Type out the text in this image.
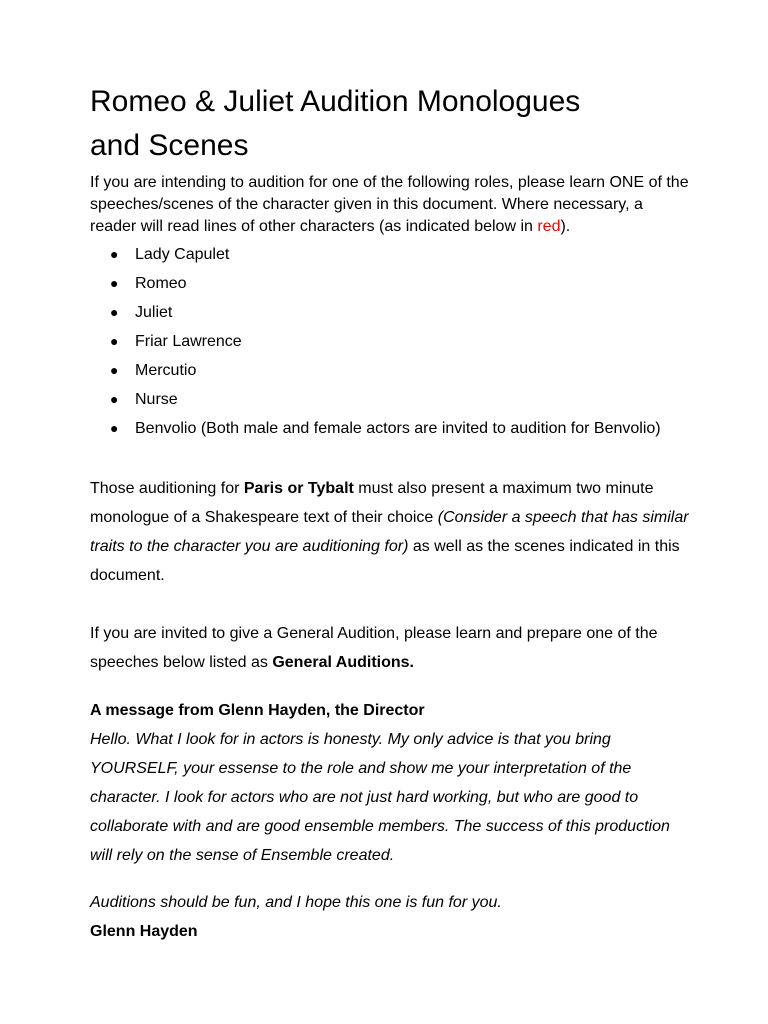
Romeo & Juliet Audition Monologues
and Scenes

If you are intending to audition for one of the following roles, please learn ONE of the speeches/scenes of the character given in this document. Where necessary, a reader will read lines of other characters (as indicated below in red).

● Lady Capulet
● Romeo
● Juliet
● Friar Lawrence
● Mercutio
● Nurse
● Benvolio (Both male and female actors are invited to audition for Benvolio)

Those auditioning for Paris or Tybalt must also present a maximum two minute monologue of a Shakespeare text of their choice (Consider a speech that has similar traits to the character you are auditioning for) as well as the scenes indicated in this document.

If you are invited to give a General Audition, please learn and prepare one of the speeches below listed as General Auditions.

A message from Glenn Hayden, the Director

Hello. What I look for in actors is honesty. My only advice is that you bring YOURSELF, your essense to the role and show me your interpretation of the character. I look for actors who are not just hard working, but who are good to collaborate with and are good ensemble members. The success of this production will rely on the sense of Ensemble created.

Auditions should be fun, and I hope this one is fun for you.

Glenn Hayden
